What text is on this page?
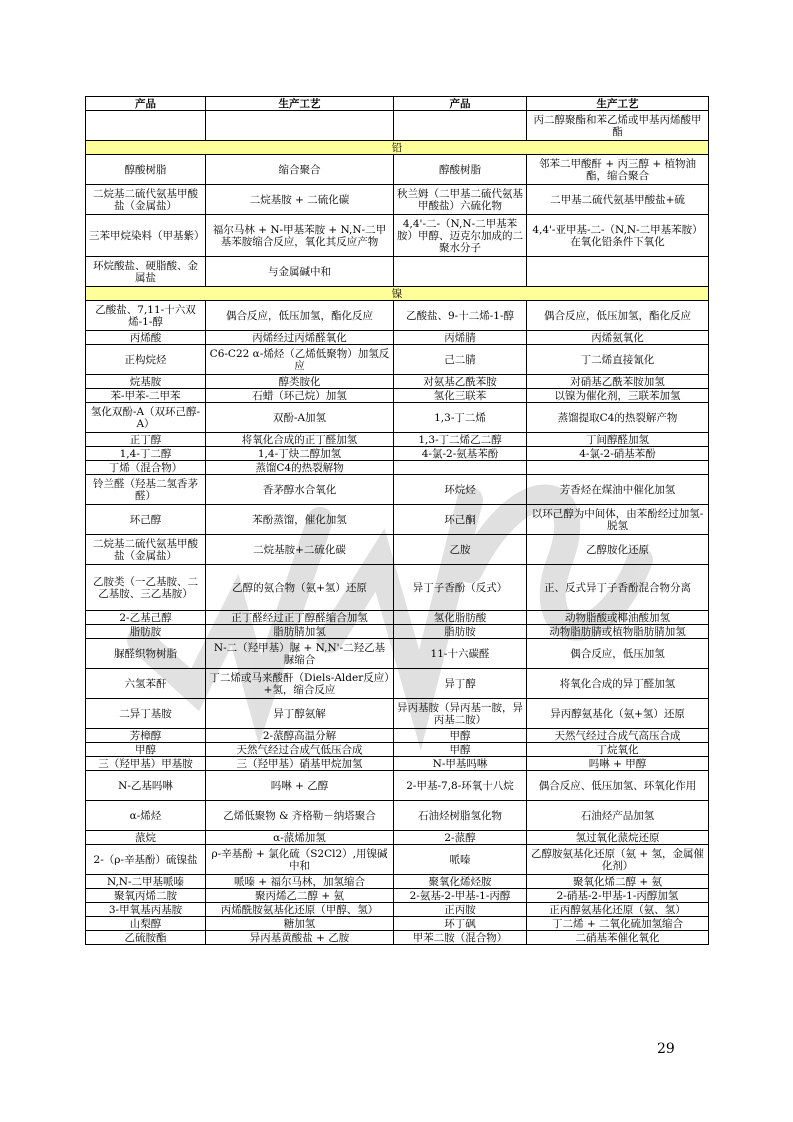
产品	生产工艺	产品	生产工艺
			丙二醇聚酯和苯乙烯或甲基丙烯酸甲酯
铅			
醇酸树脂	缩合聚合	醇酸树脂	邻苯二甲酸酐 + 丙三醇 + 植物油酯，缩合聚合
二烷基二硫代氨基甲酸盐（金属盐）	二烷基胺 + 二硫化碳	秋兰姆（二甲基二硫代氨基甲酸盐）六硫化物	二甲基二硫代氨基甲酸盐+硫
三苯甲烷染料（甲基紫）	福尔马林 + N-甲基苯胺 + N,N-二甲基苯胺缩合反应，氧化其反应产物	4,4'-二-（N,N-二甲基苯胺）甲醇、迈克尔加成的二聚水分子	4,4'-亚甲基-二-（N,N-二甲基苯胺）在氧化铅条件下氧化
环烷酸盐、硬脂酸、金属盐	与金属碱中和		
镍			
乙酸盐、7,11-十六双烯-1-醇	偶合反应，低压加氢，酯化反应	乙酸盐、9-十二烯-1-醇	偶合反应，低压加氢，酯化反应
丙烯酸	丙烯经过丙烯醛氧化	丙烯腈	丙烯氨氧化
正构烷烃	C6-C22 α-烯烃（乙烯低聚物）加氢反应	己二腈	丁二烯直接氰化
烷基胺	醇类胺化	对氨基乙酰苯胺	对硝基乙酰苯胺加氢
苯-甲苯-二甲苯	石蜡（环己烷）加氢	氢化三联苯	以镍为催化剂，三联苯加氢
氢化双酚-A（双环己醇-A）	双酚-A加氢	1,3-丁二烯	蒸馏提取C4的热裂解产物
正丁醇	将氧化合成的正丁醛加氢	1,3-丁二烯乙二醇	丁间醇醛加氢
1,4-丁二醇	1,4-丁炔二醇加氢	4-氯-2-氨基苯酚	4-氯-2-硝基苯酚
丁烯（混合物）	蒸馏C4的热裂解物		
铃兰醛（羟基二氢香茅醛）	香茅醇水合氧化	环烷烃	芳香烃在煤油中催化加氢
环己醇	苯酚蒸馏，催化加氢	环己酮	以环己醇为中间体，由苯酚经过加氢-脱氢
二烷基二硫代氨基甲酸盐（金属盐）	二烷基胺+二硫化碳	乙胺	乙醇胺化还原
乙胺类（一乙基胺、二乙基胺、三乙基胺）	乙醇的氨合物（氨+氢）还原	异丁子香酚（反式）	正、反式异丁子香酚混合物分离
2-乙基己醇	正丁醛经过正丁醇醛缩合加氢	氢化脂肪酸	动物脂酸或椰油酸加氢
脂肪胺	脂肪腈加氢	脂肪胺	动物脂肪腈或植物脂肪腈加氢
脲醛织物树脂	N-二（羟甲基）脲 + N,N'-二羟乙基脲缩合	11-十六碳醛	偶合反应，低压加氢
六氢苯酐	丁二烯或马来酸酐（Diels-Alder反应）+氢，缩合反应	异丁醇	将氧化合成的异丁醛加氢
二异丁基胺	异丁醇氨解	异丙基胺（异丙基一胺，异丙基二胺）	异丙醇氨基化（氨+氢）还原
芳樟醇	2-蒎醇高温分解	甲醇	天然气经过合成气高压合成
甲醇	天然气经过合成气低压合成	甲醇	丁烷氧化
三（羟甲基）甲基胺	三（羟甲基）硝基甲烷加氢	N-甲基吗啉	吗啉 + 甲醇
N-乙基吗啉	吗啉 + 乙醇	2-甲基-7,8-环氧十八烷	偶合反应、低压加氢、环氧化作用
α-烯烃	乙烯低聚物 & 齐格勒－纳塔聚合	石油烃树脂氢化物	石油烃产品加氢
蒎烷	α-蒎烯加氢	2-蒎醇	氢过氧化蒎烷还原
2-（ρ-辛基酚）硫镍盐	ρ-辛基酚 + 氯化硫（S2Cl2）,用镍碱中和	哌嗪	乙醇胺氨基化还原（氨 + 氢，金属催化剂）
N,N-二甲基哌嗪	哌嗪 + 福尔马林，加氢缩合	聚氧化烯烃胺	聚氧化烯二醇 + 氨
聚氧丙烯二胺	聚丙烯乙二醇 + 氨	2-氨基-2-甲基-1-丙醇	2-硝基-2-甲基-1-丙醇加氢
3-甲氧基丙基胺	丙烯酰胺氨基化还原（甲醇、氢）	正丙胺	正丙醇氨基化还原（氨、氢）
山梨醇	糖加氢	环丁砜	丁二烯 + 二氧化硫加氢缩合
乙硫胺酯	异丙基黄酸盐 + 乙胺	甲苯二胺（混合物）	二硝基苯催化氧化
29
